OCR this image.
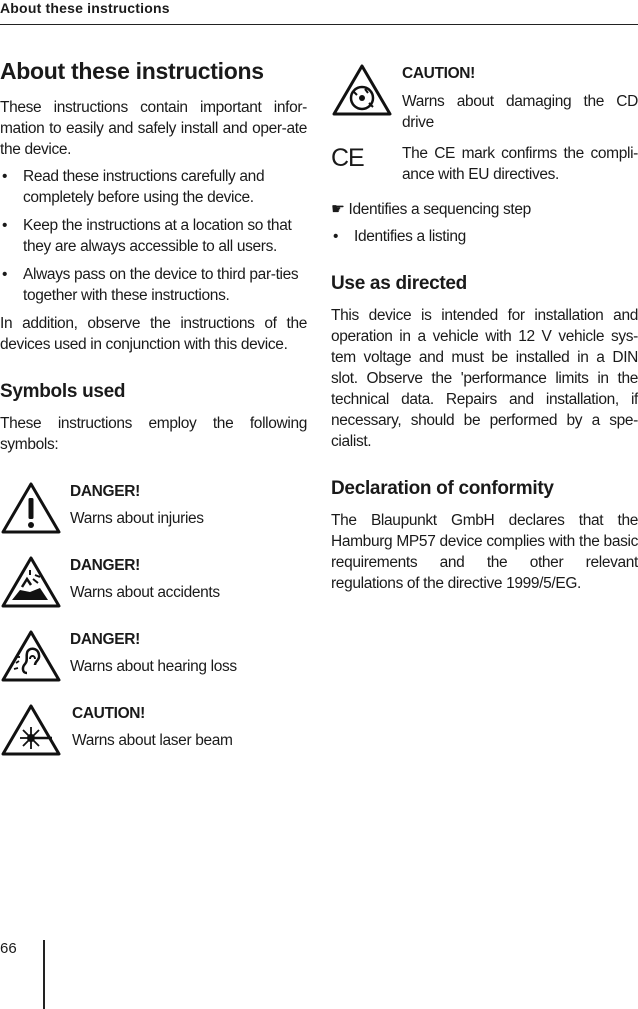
About these instructions
About these instructions

These instructions contain important infor-mation to easily and safely install and oper-ate the device.

• Read these instructions carefully and completely before using the device.
• Keep the instructions at a location so that they are always accessible to all users.
• Always pass on the device to third par-ties together with these instructions.

In addition, observe the instructions of the devices used in conjunction with this device.

Symbols used

These instructions employ the following symbols:

DANGER!
Warns about injuries
DANGER!
Warns about accidents
DANGER!
Warns about hearing loss
CAUTION!
Warns about laser beam
CAUTION!
Warns about damaging the CD drive
CE	The CE mark confirms the compli-ance with EU directives.
☛ Identifies a sequencing step
• Identifies a listing
Use as directed

This device is intended for installation and operation in a vehicle with 12 V vehicle sys-tem voltage and must be installed in a DIN slot. Observe the 'performance limits in the technical data. Repairs and installation, if necessary, should be performed by a spe-cialist.

Declaration of conformity

The Blaupunkt GmbH declares that the Hamburg MP57 device complies with the basic requirements and the other relevant regulations of the directive 1999/5/EG.

66
